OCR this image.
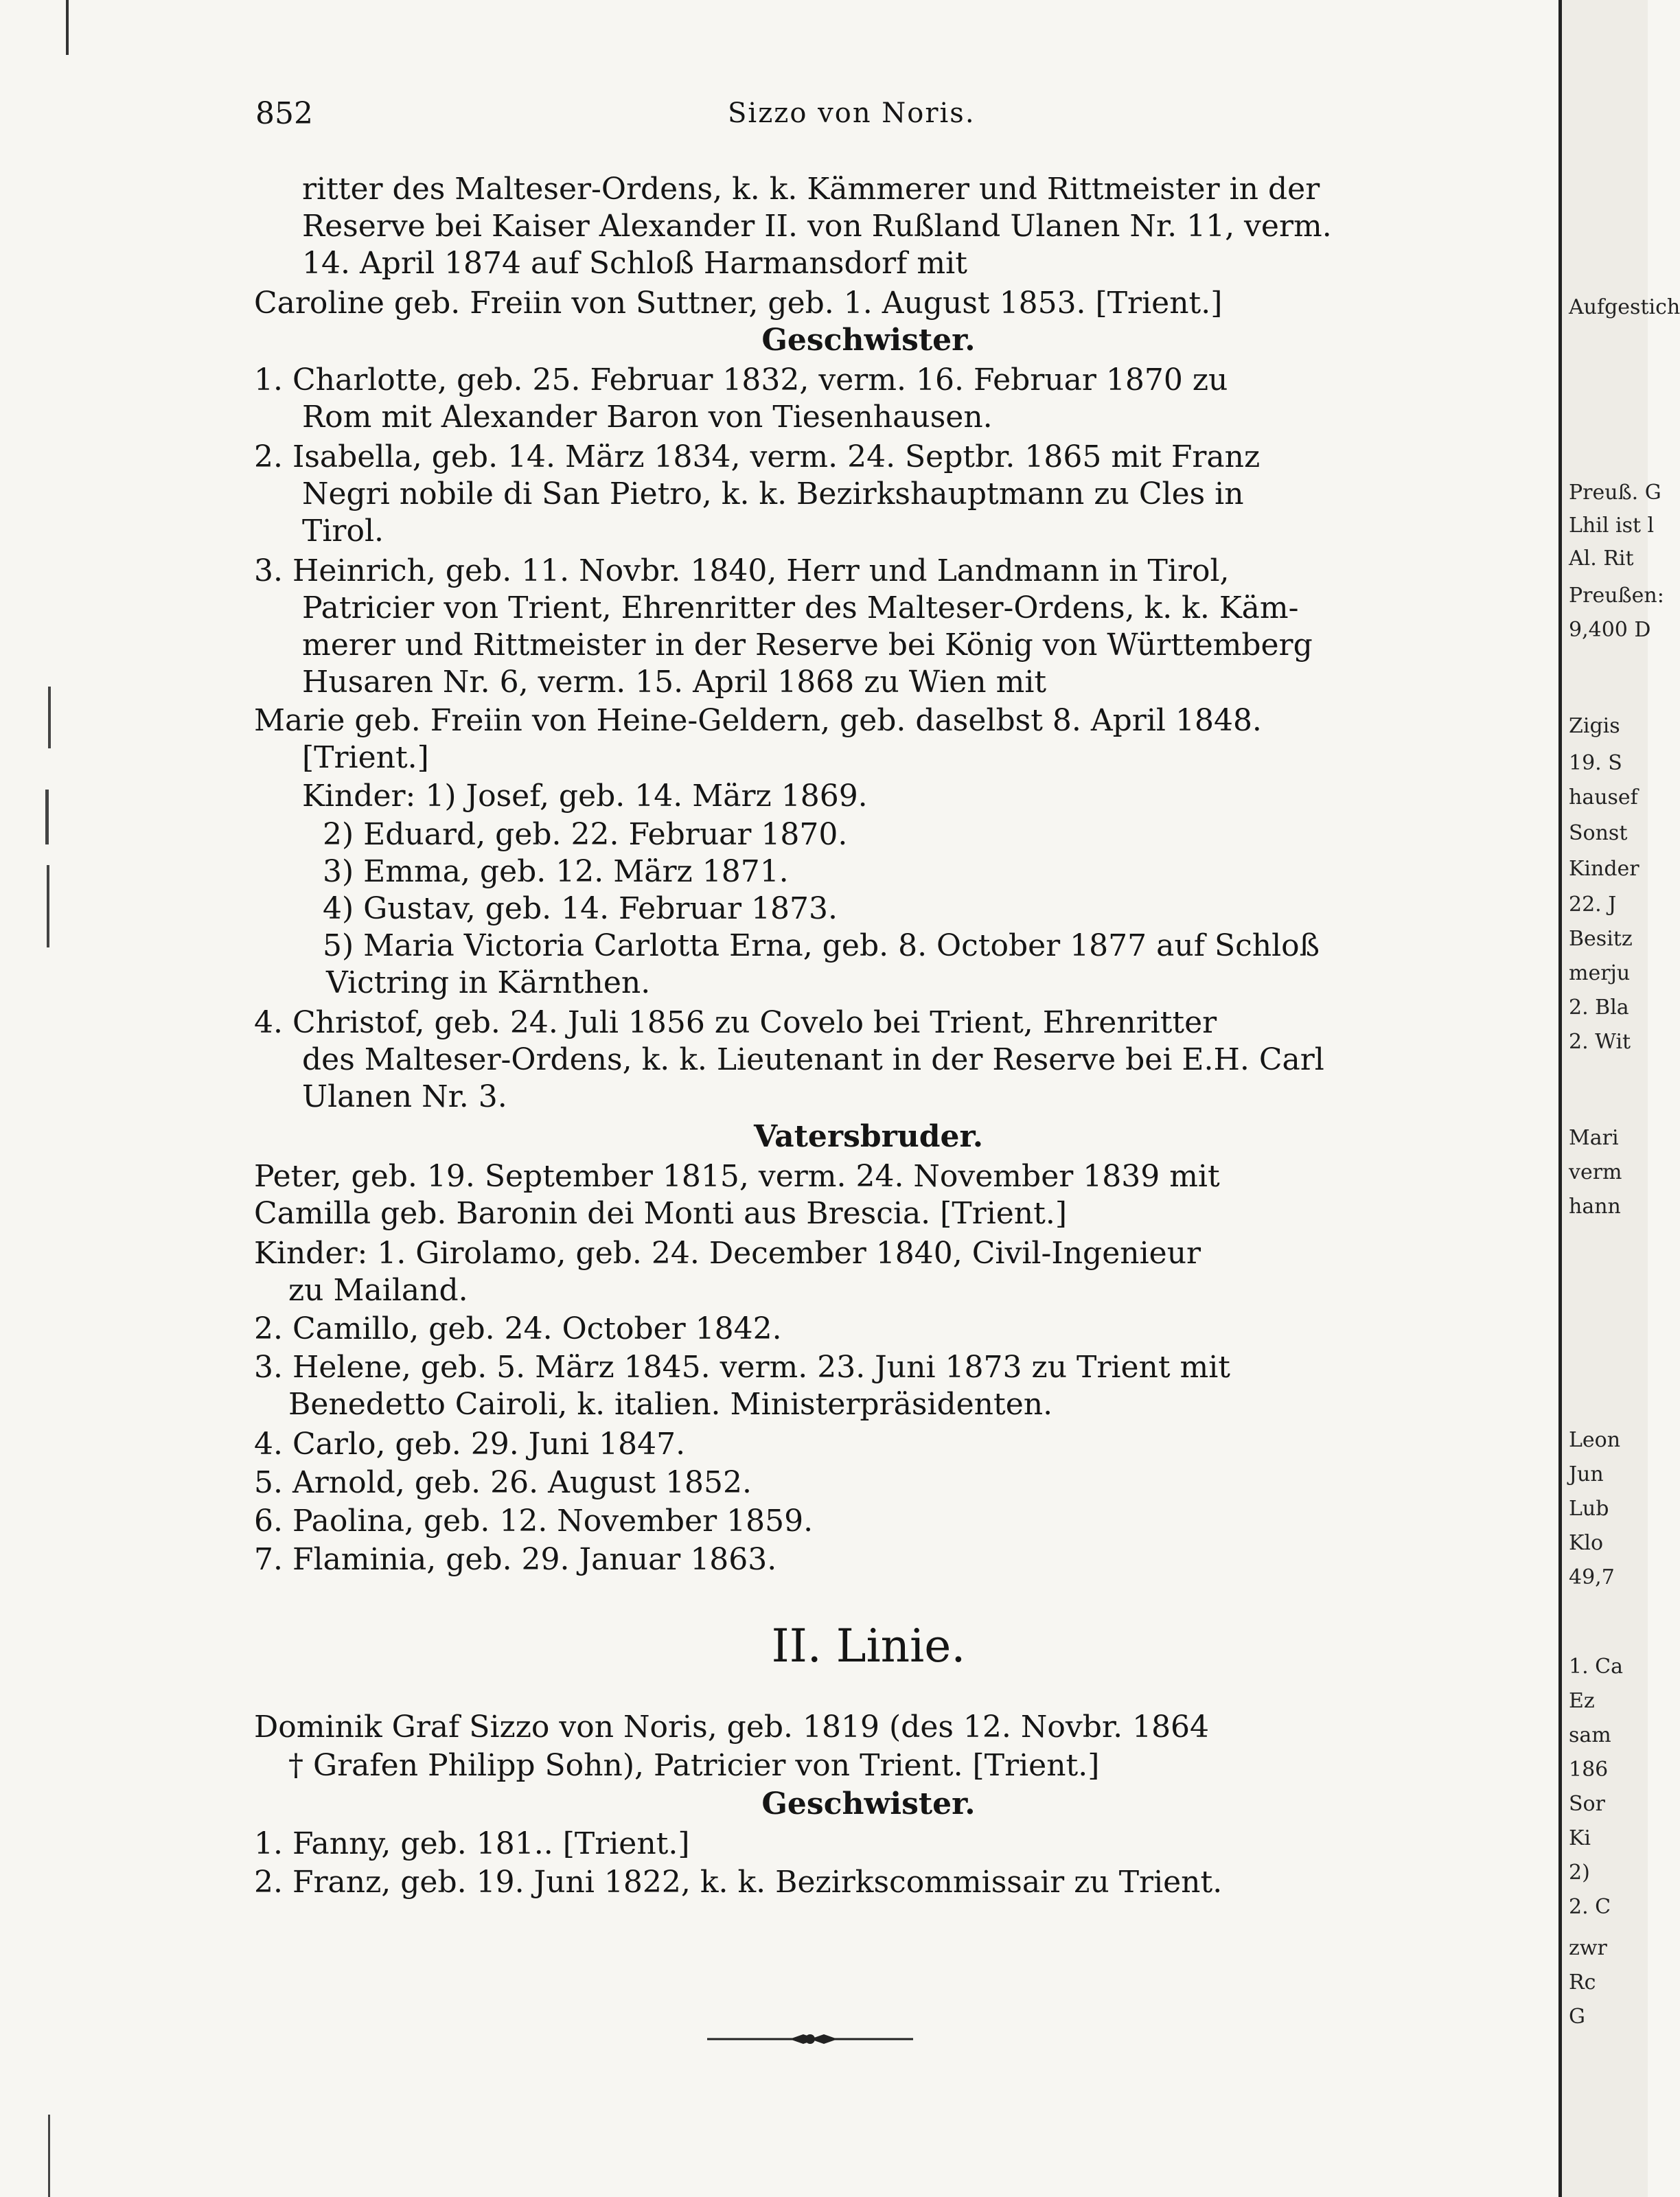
852	Sizzo von Noris.
ritter des Malteser-Ordens, k. k. Kämmerer und Rittmeister in der
Reserve bei Kaiser Alexander II. von Rußland Ulanen Nr. 11, verm.
14. April 1874 auf Schloß Harmansdorf mit
Caroline geb. Freiin von Suttner, geb. 1. August 1853. [Trient.]
Geschwister.
1. Charlotte, geb. 25. Februar 1832, verm. 16. Februar 1870 zu
Rom mit Alexander Baron von Tiesenhausen.
2. Isabella, geb. 14. März 1834, verm. 24. Septbr. 1865 mit Franz
Negri nobile di San Pietro, k. k. Bezirkshauptmann zu Cles in
Tirol.
3. Heinrich, geb. 11. Novbr. 1840, Herr und Landmann in Tirol,
Patricier von Trient, Ehrenritter des Malteser-Ordens, k. k. Käm-
merer und Rittmeister in der Reserve bei König von Württemberg
Husaren Nr. 6, verm. 15. April 1868 zu Wien mit
Marie geb. Freiin von Heine-Geldern, geb. daselbst 8. April 1848.
[Trient.]
Kinder: 1) Josef, geb. 14. März 1869.
2) Eduard, geb. 22. Februar 1870.
3) Emma, geb. 12. März 1871.
4) Gustav, geb. 14. Februar 1873.
5) Maria Victoria Carlotta Erna, geb. 8. October 1877 auf Schloß
Victring in Kärnthen.
4. Christof, geb. 24. Juli 1856 zu Covelo bei Trient, Ehrenritter
des Malteser-Ordens, k. k. Lieutenant in der Reserve bei E.H. Carl
Ulanen Nr. 3.
Vatersbruder.
Peter, geb. 19. September 1815, verm. 24. November 1839 mit
Camilla geb. Baronin dei Monti aus Brescia. [Trient.]
Kinder: 1. Girolamo, geb. 24. December 1840, Civil-Ingenieur
zu Mailand.
2. Camillo, geb. 24. October 1842.
3. Helene, geb. 5. März 1845. verm. 23. Juni 1873 zu Trient mit
Benedetto Cairoli, k. italien. Ministerpräsidenten.
4. Carlo, geb. 29. Juni 1847.
5. Arnold, geb. 26. August 1852.
6. Paolina, geb. 12. November 1859.
7. Flaminia, geb. 29. Januar 1863.
II. Linie.
Dominik Graf Sizzo von Noris, geb. 1819 (des 12. Novbr. 1864
† Grafen Philipp Sohn), Patricier von Trient. [Trient.]
Geschwister.
1. Fanny, geb. 181.. [Trient.]
2. Franz, geb. 19. Juni 1822, k. k. Bezirkscommissair zu Trient.
Aufgestich
Preuß. G
Lhil ist l
Al. Rit
Preußen:
9,400 D
Zigis
19. S
hausef
Sonst
Kinder
22. J
Besitz
merju
2. Bla
2. Wit
Mari
verm
hann
Leon
Jun
Lub
Klo
49,7
1. Ca
Ez
sam
186
Sor
Ki
2)
2. C
zwr
Rc
G
